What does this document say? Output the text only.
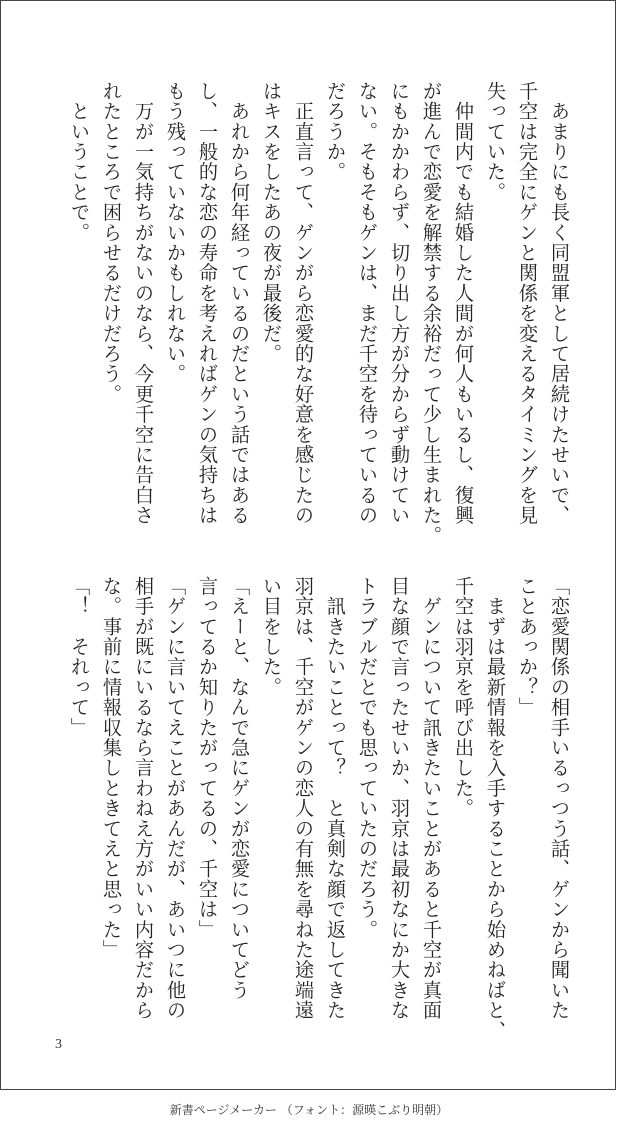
　あまりにも長く同盟軍として居続けたせいで、
千空は完全にゲンと関係を変えるタイミングを見
失っていた。
　仲間内でも結婚した人間が何人もいるし、復興
が進んで恋愛を解禁する余裕だって少し生まれた。
にもかかわらず、切り出し方が分からず動けてい
ない。そもそもゲンは、まだ千空を待っているの
だろうか。
　正直言って、ゲンがら恋愛的な好意を感じたの
はキスをしたあの夜が最後だ。
　あれから何年経っているのだという話ではある
し、一般的な恋の寿命を考えればゲンの気持ちは
もう残っていないかもしれない。
　万が一気持ちがないのなら、今更千空に告白さ
れたところで困らせるだけだろう。
　ということで。
「恋愛関係の相手いるっつう話、ゲンから聞いた
ことあっか？」
　まずは最新情報を入手することから始めねばと、
千空は羽京を呼び出した。
　ゲンについて訊きたいことがあると千空が真面
目な顔で言ったせいか、羽京は最初なにか大きな
トラブルだとでも思っていたのだろう。
　訊きたいことって？　と真剣な顔で返してきた
羽京は、千空がゲンの恋人の有無を尋ねた途端遠
い目をした。
「えーと、なんで急にゲンが恋愛についてどう
言ってるか知りたがってるの、千空は」
「ゲンに言いてえことがあんだが、あいつに他の
相手が既にいるなら言わねえ方がいい内容だから
な。事前に情報収集しときてえと思った」
「！　それって」
3
新書ページメーカー （フォント：源暎こぶり明朝）
